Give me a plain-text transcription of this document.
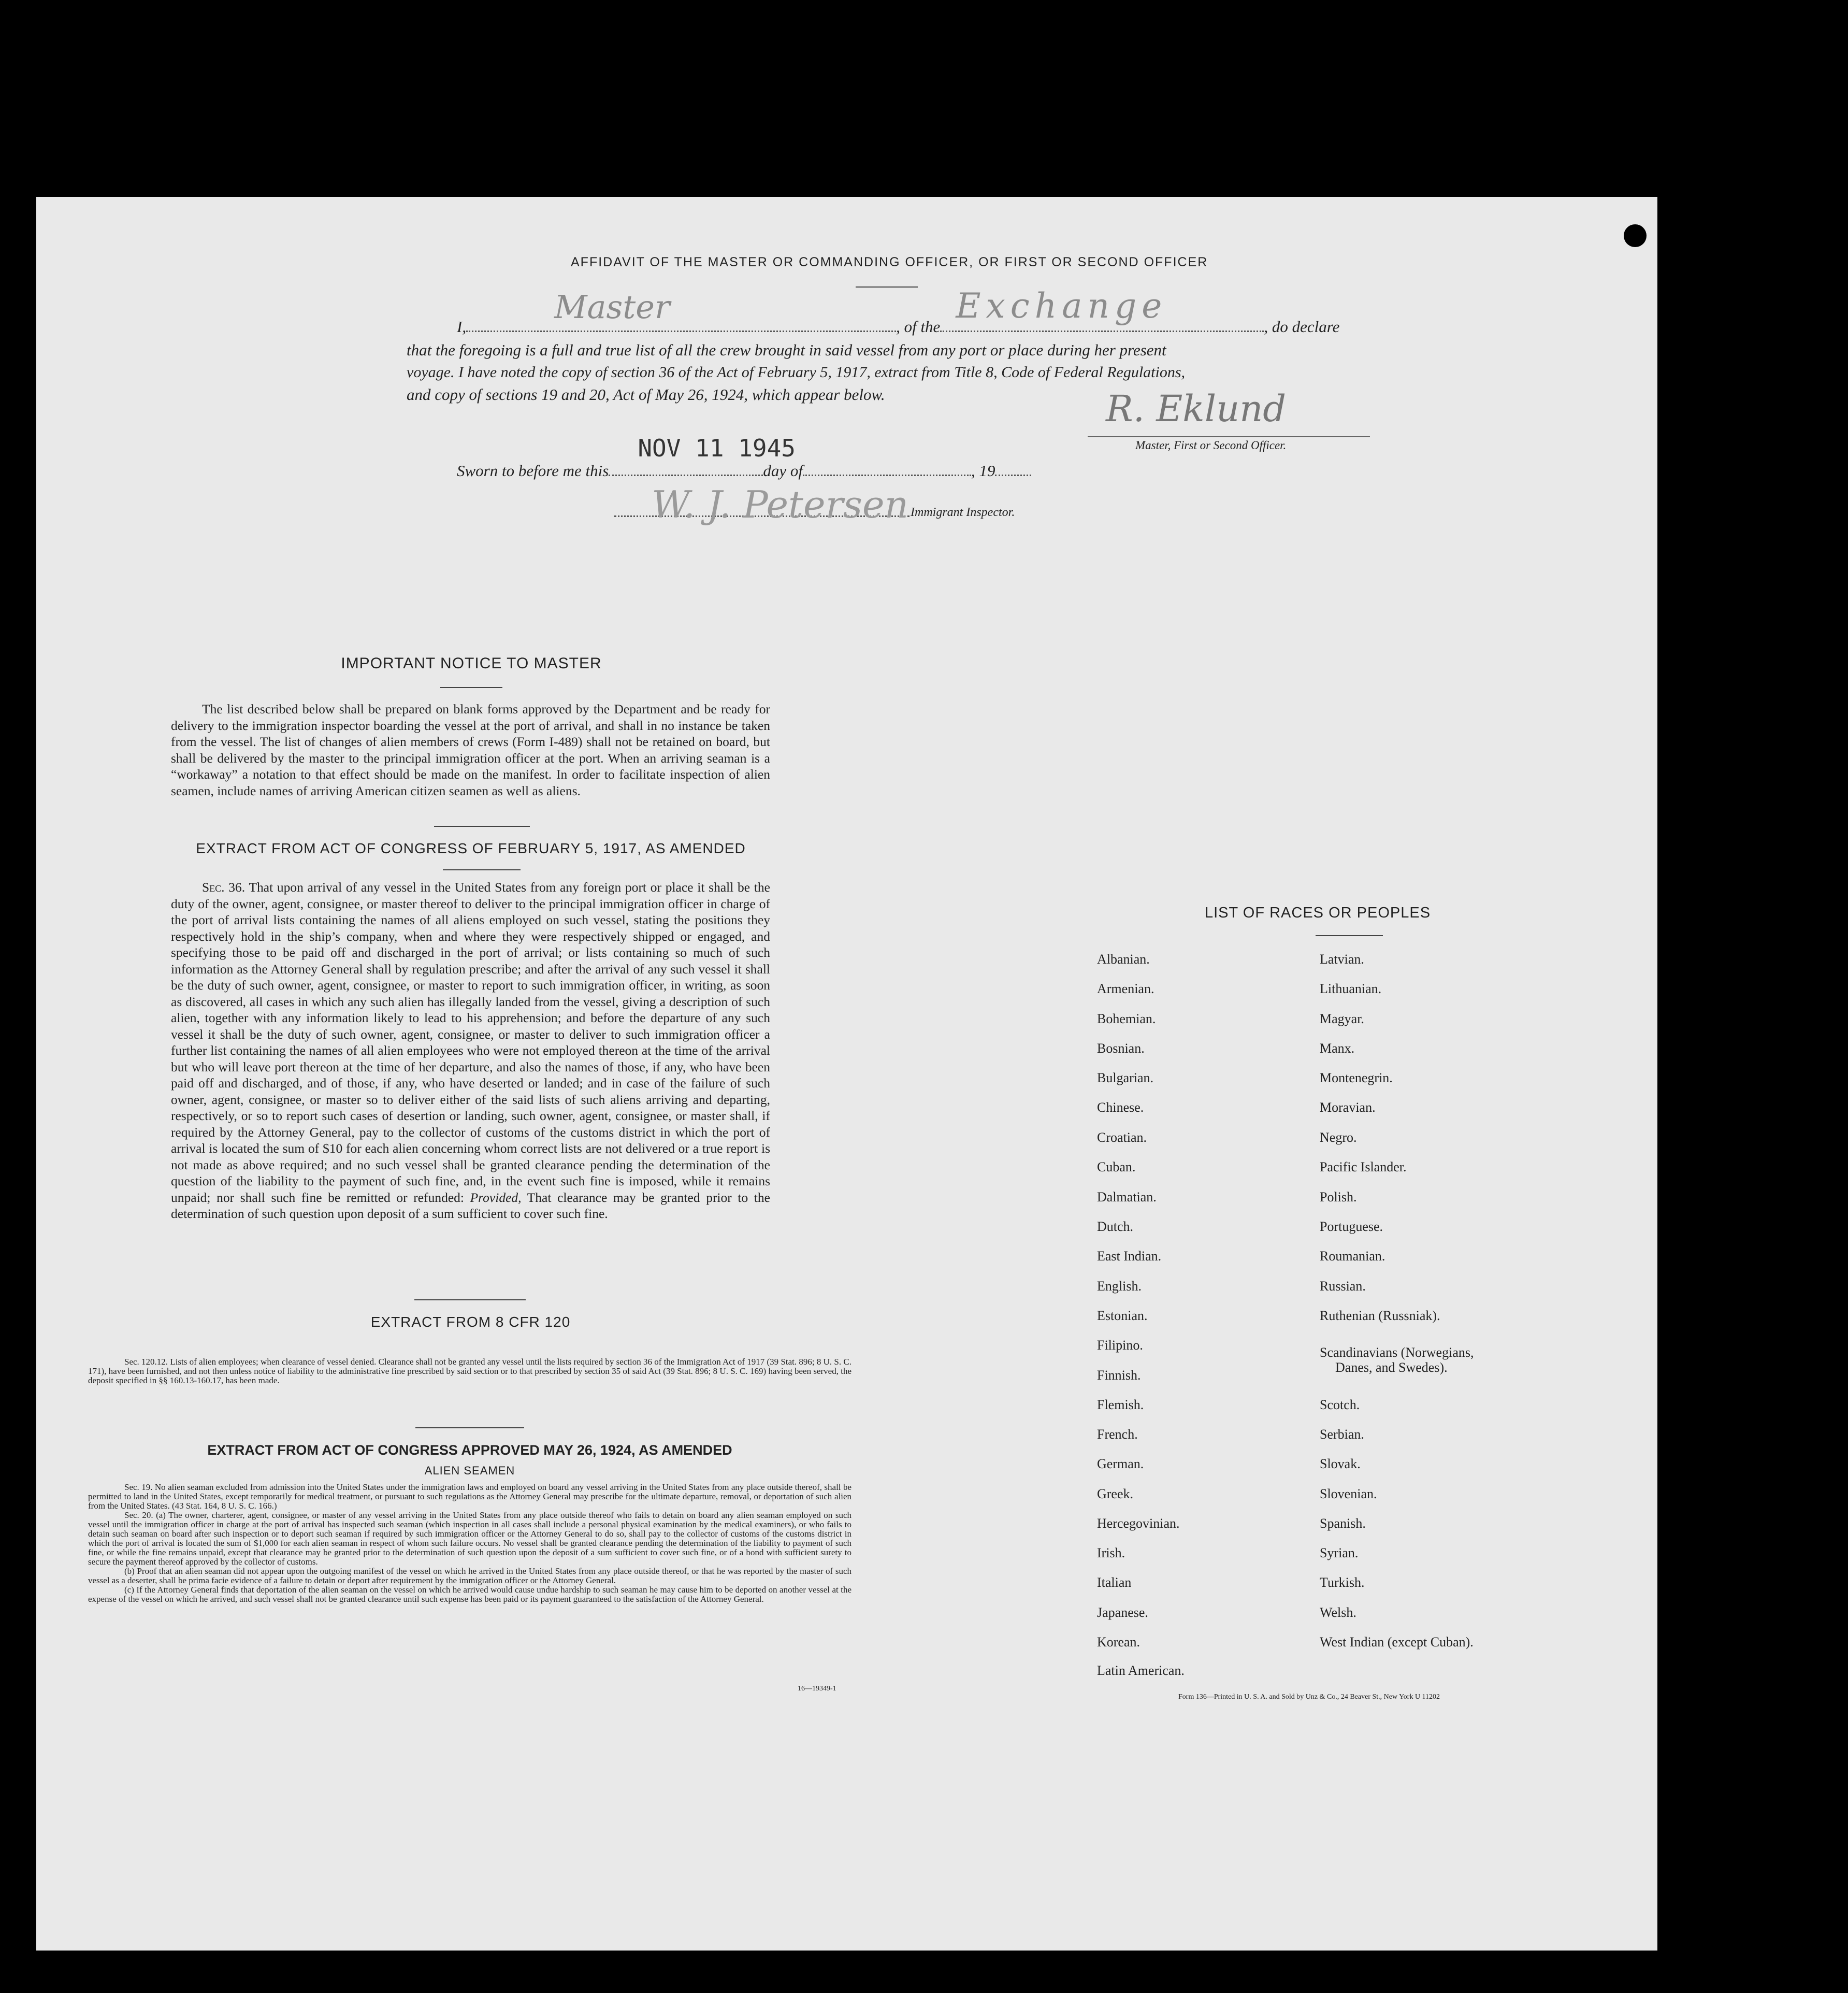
AFFIDAVIT OF THE MASTER OR COMMANDING OFFICER, OR FIRST OR SECOND OFFICER
I,
Master
, of the
Exchange
, do declare
that the foregoing is a full and true list of all the crew brought in said vessel from any port or place during her present
voyage. I have noted the copy of section 36 of the Act of February 5, 1917, extract from Title 8, Code of Federal Regulations,
and copy of sections 19 and 20, Act of May 26, 1924, which appear below.	R. Eklund
Master, First or Second Officer.
Sworn to before me this
NOV 11 1945
day of	, 19
W. J. Petersen Immigrant Inspector.
IMPORTANT NOTICE TO MASTER
The list described below shall be prepared on blank forms approved by the Department and be ready for delivery to the immigration inspector boarding the vessel at the port of arrival, and shall in no instance be taken from the vessel. The list of changes of alien members of crews (Form I-489) shall not be retained on board, but shall be delivered by the master to the principal immigration officer at the port. When an arriving seaman is a “workaway” a notation to that effect should be made on the manifest. In order to facilitate inspection of alien seamen, include names of arriving American citizen seamen as well as aliens.
EXTRACT FROM ACT OF CONGRESS OF FEBRUARY 5, 1917, AS AMENDED
Sec. 36. That upon arrival of any vessel in the United States from any foreign port or place it shall be the duty of the owner, agent, consignee, or master thereof to deliver to the principal immigration officer in charge of the port of arrival lists containing the names of all aliens employed on such vessel, stating the positions they respectively hold in the ship’s company, when and where they were respectively shipped or engaged, and specifying those to be paid off and discharged in the port of arrival; or lists containing so much of such information as the Attorney General shall by regulation prescribe; and after the arrival of any such vessel it shall be the duty of such owner, agent, consignee, or master to report to such immigration officer, in writing, as soon as discovered, all cases in which any such alien has illegally landed from the vessel, giving a description of such alien, together with any information likely to lead to his apprehension; and before the departure of any such vessel it shall be the duty of such owner, agent, consignee, or master to deliver to such immigration officer a further list containing the names of all alien employees who were not employed thereon at the time of the arrival but who will leave port thereon at the time of her departure, and also the names of those, if any, who have been paid off and discharged, and of those, if any, who have deserted or landed; and in case of the failure of such owner, agent, consignee, or master so to deliver either of the said lists of such aliens arriving and departing, respectively, or so to report such cases of desertion or landing, such owner, agent, consignee, or master shall, if required by the Attorney General, pay to the collector of customs of the customs district in which the port of arrival is located the sum of $10 for each alien concerning whom correct lists are not delivered or a true report is not made as above required; and no such vessel shall be granted clearance pending the determination of the question of the liability to the payment of such fine, and, in the event such fine is imposed, while it remains unpaid; nor shall such fine be remitted or refunded: Provided, That clearance may be granted prior to the determination of such question upon deposit of a sum sufficient to cover such fine.
EXTRACT FROM 8 CFR 120
Sec. 120.12. Lists of alien employees; when clearance of vessel denied. Clearance shall not be granted any vessel until the lists required by section 36 of the Immigration Act of 1917 (39 Stat. 896; 8 U. S. C. 171), have been furnished, and not then unless notice of liability to the administrative fine prescribed by said section or to that prescribed by section 35 of said Act (39 Stat. 896; 8 U. S. C. 169) having been served, the deposit specified in §§ 160.13-160.17, has been made.
EXTRACT FROM ACT OF CONGRESS APPROVED MAY 26, 1924, AS AMENDED
ALIEN SEAMEN
Sec. 19. No alien seaman excluded from admission into the United States under the immigration laws and employed on board any vessel arriving in the United States from any place outside thereof, shall be permitted to land in the United States, except temporarily for medical treatment, or pursuant to such regulations as the Attorney General may prescribe for the ultimate departure, removal, or deportation of such alien from the United States. (43 Stat. 164, 8 U. S. C. 166.)
Sec. 20. (a) The owner, charterer, agent, consignee, or master of any vessel arriving in the United States from any place outside thereof who fails to detain on board any alien seaman employed on such vessel until the immigration officer in charge at the port of arrival has inspected such seaman (which inspection in all cases shall include a personal physical examination by the medical examiners), or who fails to detain such seaman on board after such inspection or to deport such seaman if required by such immigration officer or the Attorney General to do so, shall pay to the collector of customs of the customs district in which the port of arrival is located the sum of $1,000 for each alien seaman in respect of whom such failure occurs. No vessel shall be granted clearance pending the determination of the liability to payment of such fine, or while the fine remains unpaid, except that clearance may be granted prior to the determination of such question upon the deposit of a sum sufficient to cover such fine, or of a bond with sufficient surety to secure the payment thereof approved by the collector of customs.
(b) Proof that an alien seaman did not appear upon the outgoing manifest of the vessel on which he arrived in the United States from any place outside thereof, or that he was reported by the master of such vessel as a deserter, shall be prima facie evidence of a failure to detain or deport after requirement by the immigration officer or the Attorney General.
(c) If the Attorney General finds that deportation of the alien seaman on the vessel on which he arrived would cause undue hardship to such seaman he may cause him to be deported on another vessel at the expense of the vessel on which he arrived, and such vessel shall not be granted clearance until such expense has been paid or its payment guaranteed to the satisfaction of the Attorney General.
16—19349-1
LIST OF RACES OR PEOPLES
Albanian.
Armenian.
Bohemian.
Bosnian.
Bulgarian.
Chinese.
Croatian.
Cuban.
Dalmatian.
Dutch.
East Indian.
English.
Estonian.
Filipino.
Finnish.
Flemish.
French.
German.
Greek.
Hercegovinian.
Irish.
Italian
Japanese.
Korean.
Latin American.
Latvian.
Lithuanian.
Magyar.
Manx.
Montenegrin.
Moravian.
Negro.
Pacific Islander.
Polish.
Portuguese.
Roumanian.
Russian.
Ruthenian (Russniak).
Scandinavians (Norwegians,
Danes, and Swedes).
Scotch.
Serbian.
Slovak.
Slovenian.
Spanish.
Syrian.
Turkish.
Welsh.
West Indian (except Cuban).
Form 136—Printed in U. S. A. and Sold by Unz & Co., 24 Beaver St., New York U 11202
